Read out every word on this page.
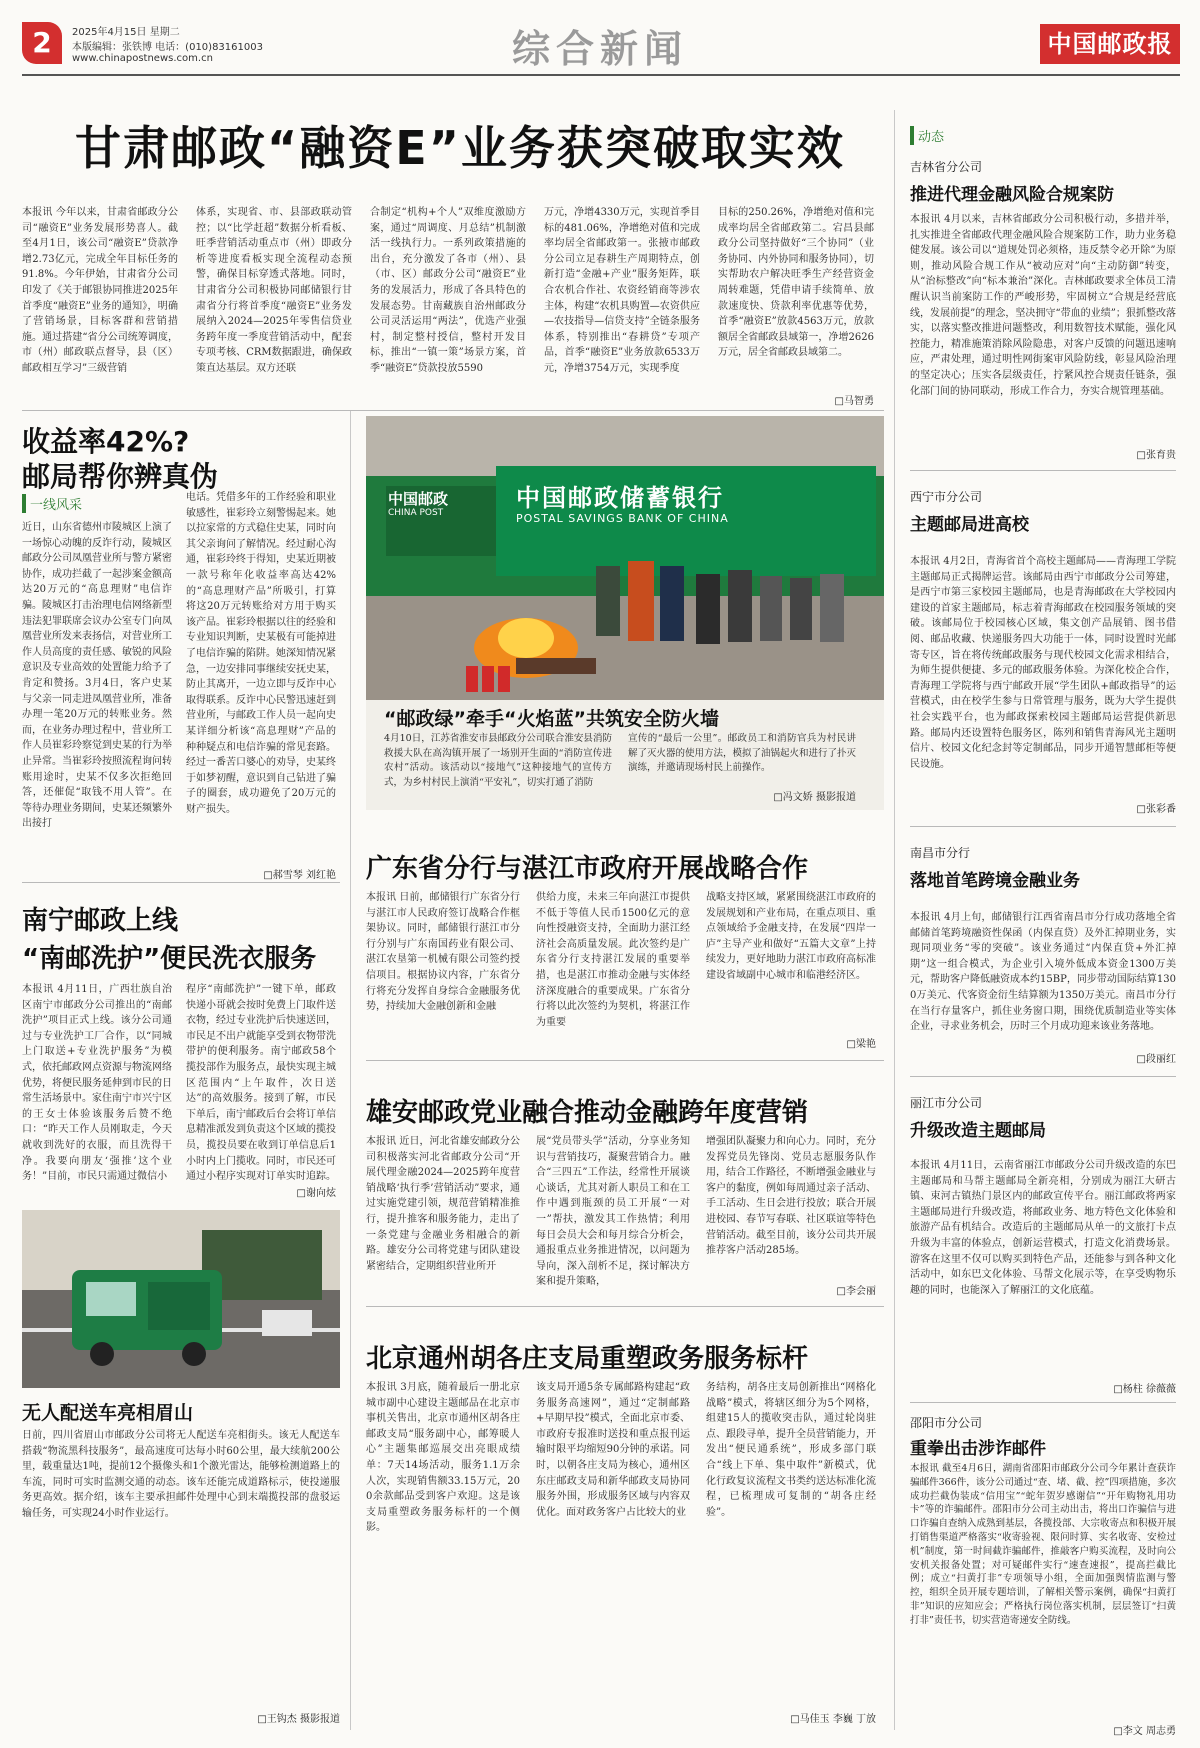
2	2025年4月15日 星期二
本版编辑：张铁博 电话：(010)83161003
www.chinapostnews.com.cn	综合新闻	中国邮政报
甘肃邮政“融资E”业务获突破取实效
本报讯 今年以来，甘肃省邮政分公司“融资E”业务发展形势喜人。截至4月1日，该公司“融资E”贷款净增2.73亿元，完成全年目标任务的91.8%。今年伊始，甘肃省分公司印发了《关于邮银协同推进2025年首季度“融资E”业务的通知》，明确了营销场景，目标客群和营销措施。通过搭建“省分公司统筹调度，市（州）邮政联点督导，县（区）邮政相互学习”三级营销
体系，实现省、市、县部政联动管控；以“比学赶超”数据分析看板、旺季营销活动重点市（州）即政分析等进度看板实现全流程动态预警，确保目标穿透式落地。同时，甘肃省分公司积极协同邮储银行甘肃省分行将首季度“融资E”业务发展纳入2024—2025年零售信贷业务跨年度一季度营销活动中，配套专项考核、CRM数据跟进，确保政策直达基层。双方还联
合制定“机构+个人”双维度激励方案，通过“周调度、月总结”机制激活一线执行力。一系列政策措施的出台，充分激发了各市（州）、县（市、区）邮政分公司“融资E”业务的发展活力，形成了各具特色的发展态势。甘南藏族自治州邮政分公司灵活运用“两法”，优选产业强村，制定整村授信，整村开发目标，推出“一镇一策”场景方案，首季“融资E”贷款投放5590
万元，净增4330万元，实现首季目标的481.06%，净增绝对值和完成率均居全省邮政第一。张掖市邮政分公司立足春耕生产周期特点，创新打造“金融+产业”服务矩阵，联合农机合作社、农资经销商等涉农主体，构建“农机具购置—农资供应—农技指导—信贷支持”全链条服务体系，特别推出“春耕贷”专项产品，首季“融资E”业务放款6533万元，净增3754万元，实现季度
目标的250.26%，净增绝对值和完成率均居全省邮政第二。宕昌县邮政分公司坚持做好“三个协同”（业务协同、内外协同和服务协同），切实帮助农户解决旺季生产经营资金周转难题，凭借申请手续简单、放款速度快、贷款利率优惠等优势，首季“融资E”放款4563万元，放款额居全省邮政县域第一，净增2626万元，居全省邮政县域第二。
□马智勇
收益率42%?
邮局帮你辨真伪
一线风采
近日，山东省德州市陵城区上演了一场惊心动魄的反诈行动，陵城区邮政分公司凤凰营业所与警方紧密协作，成功拦截了一起涉案金额高达20万元的“高息理财”电信诈骗。陵城区打击治理电信网络新型违法犯罪联席会议办公室专门向凤凰营业所发来表扬信，对营业所工作人员高度的责任感、敏锐的风险意识及专业高效的处置能力给予了肯定和赞扬。3月4日，客户史某与父亲一同走进凤凰营业所，准备办理一笔20万元的转账业务。然而，在业务办理过程中，营业所工作人员崔彩玲察觉到史某的行为举止异常。当崔彩玲按照流程询问转账用途时，史某不仅多次拒绝回答，还催促“取钱不用人管”。在等待办理业务期间，史某还频繁外出接打
电话。凭借多年的工作经验和职业敏感性，崔彩玲立刻警惕起来。她以拉家常的方式稳住史某，同时向其父亲询问了解情况。经过耐心沟通，崔彩玲终于得知，史某近期被一款号称年化收益率高达42%的“高息理财产品”所吸引，打算将这20万元转账给对方用于购买该产品。崔彩玲根据以往的经验和专业知识判断，史某极有可能掉进了电信诈骗的陷阱。她深知情况紧急，一边安排同事继续安抚史某，防止其离开，一边立即与反诈中心取得联系。反诈中心民警迅速赶到营业所，与邮政工作人员一起向史某详细分析该“高息理财”产品的种种疑点和电信诈骗的常见套路。经过一番苦口婆心的劝导，史某终于如梦初醒，意识到自己钻进了骗子的圈套，成功避免了20万元的财产损失。
□郝雪琴 刘红艳
中国邮政
CHINA POST
中国邮政储蓄银行
POSTAL SAVINGS BANK OF CHINA
“邮政绿”牵手“火焰蓝”共筑安全防火墙
4月10日，江苏省淮安市县邮政分公司联合淮安县消防救援大队在高沟镇开展了一场别开生面的“消防宣传进农村”活动。该活动以“接地气”这种接地气的宣传方式，为乡村村民上演消“平安礼”，切实打通了消防
宣传的“最后一公里”。邮政员工和消防官兵为村民讲解了灭火器的使用方法，模拟了油锅起火和进行了扑灭演练，并邀请现场村民上前操作。
□冯文娇 摄影报道
广东省分行与湛江市政府开展战略合作
本报讯 日前，邮储银行广东省分行与湛江市人民政府签订战略合作框架协议。同时，邮储银行湛江市分行分别与广东南国药业有限公司、湛江农垦第一机械有限公司签约授信项目。根据协议内容，广东省分行将充分发挥自身综合金融服务优势，持续加大金融创新和金融
供给力度，未来三年向湛江市提供不低于等值人民币1500亿元的意向性授融资支持，全面助力湛江经济社会高质量发展。此次签约是广东省分行支持湛江发展的重要举措，也是湛江市推动金融与实体经济深度融合的重要成果。广东省分行将以此次签约为契机，将湛江作为重要
战略支持区域，紧紧围绕湛江市政府的发展规划和产业布局，在重点项目、重点领域给予金融支持，在发展“四岸一庐”主导产业和做好“五篇大文章”上持续发力，更好地助力湛江市政府高标准建设省域副中心城市和临港经济区。
□梁艳
南宁邮政上线
“南邮洗护”便民洗衣服务
本报讯 4月11日，广西壮族自治区南宁市邮政分公司推出的“南邮洗护”项目正式上线。该分公司通过与专业洗护工厂合作，以“同城上门取送+专业洗护服务”为模式，依托邮政网点资源与物流网络优势，将便民服务延伸到市民的日常生活场景中。家住南宁市兴宁区的王女士体验该服务后赞不绝口：“昨天工作人员刚取走，今天就收到洗好的衣服，而且洗得干净。我要向朋友‘强推’这个业务！”目前，市民只需通过微信小
程序“南邮洗护”一键下单，邮政快递小哥就会按时免费上门取件送衣物，经过专业洗护后快速送回，市民足不出户就能享受到衣物带洗带护的便利服务。南宁邮政58个揽投部作为服务点，最快实现主城区范围内“上午取件，次日送达”的高效服务。接到了解，市民下单后，南宁邮政后台会将订单信息精准派发到负责这个区域的揽投员，揽投员要在收到订单信息后1小时内上门揽收。同时，市民还可通过小程序实现对订单实时追踪。
□谢向炫
无人配送车亮相眉山
日前，四川省眉山市邮政分公司将无人配送车亮相街头。该无人配送车搭载“物流黑科技服务”，最高速度可达每小时60公里，最大续航200公里，载重量达1吨，提前12个摄像头和1个激光雷达，能够检测道路上的车流，同时可实时监测交通的动态。该车还能完成道路标示，使投递服务更高效。据介绍，该车主要承担邮件处理中心到末端揽投部的盘驳运输任务，可实现24小时作业运行。
□王钩杰 摄影报道
雄安邮政党业融合推动金融跨年度营销
本报讯 近日，河北省雄安邮政分公司积极落实河北省邮政分公司“开展代理金融2024—2025跨年度营销战略‘执行季’营销活动”要求，通过实施党建引领，规范营销精准推行，提升推客和服务能力，走出了一条党建与金融业务相融合的新路。雄安分公司将党建与团队建设紧密结合，定期组织营业所开
展“党员带头学”活动，分享业务知识与营销技巧，凝聚营销合力。融合“三四五”工作法，经常性开展谈心谈话，尤其对新人职员工和在工作中遇到瓶颈的员工开展“一对一”帮扶，激发其工作热情；利用每日会员大会和每月综合分析会，通报重点业务推进情况，以问题为导向，深入剖析不足，探讨解决方案和提升策略，
增强团队凝聚力和向心力。同时，充分发挥党员先锋岗、党员志愿服务队作用，结合工作路径，不断增强金融业与客户的黏度，例如每周通过亲子活动、手工活动、生日会进行投放；联合开展进校园、春节写春联、社区联谊等特色营销活动。截至目前，该分公司共开展推荐客户活动285场。
□李会丽
北京通州胡各庄支局重塑政务服务标杆
本报讯 3月底，随着最后一册北京城市副中心建设主题邮品在北京市事机关售出，北京市通州区胡各庄邮政支局“服务副中心，邮筹暖人心”主题集邮巡展交出亮眼成绩单：7天14场活动，服务1.1万余人次，实现销售额33.15万元，200余款邮品受到客户欢迎。这是该支局重塑政务服务标杆的一个侧影。
该支局开通5条专属邮路构建起“政务服务高速网”，通过“定制邮路+早期早投”模式，全面北京市委、市政府专报准时送投和重点报刊运输时限平均缩短90分钟的承诺。同时，以朝各庄支局为核心，通州区东庄邮政支局和新华邮政支局协同服务外围，形成服务区域与内容双优化。面对政务客户占比较大的业
务结构，胡各庄支局创新推出“网格化战略”模式，将辖区细分为5个网格，组建15人的揽收突击队，通过轮岗驻点、跟段寻单，提升全员营销能力，开发出“便民通系统”，形成多部门联合“线上下单、集中取件”新模式，优化行政复议流程文书类约送达标准化流程，已梳理成可复制的“胡各庄经验”。
□马佳玉 李巍 丁放
动态
吉林省分公司
推进代理金融风险合规案防
本报讯 4月以来，吉林省邮政分公司积极行动，多措并举，扎实推进全省邮政代理金融风险合规案防工作，助力业务稳健发展。该公司以“道规处罚必须格，违反禁令必开除”为原则，推动风险合规工作从“被动应对”向“主动防御”转变，从“治标整改”向“标本兼治”深化。吉林邮政要求全体员工清醒认识当前案防工作的严峻形势，牢固树立“合规是经营底线，发展前提”的理念，坚决拥守“带血的业绩”；狠抓整改落实，以落实整改推进问题整改，利用数智技术赋能，强化风控能力，精准施策消除风险隐患，对客户反馈的问题迅速响应，严肃处理，通过明性网街案审风险防线，彰显风险治理的坚定决心；压实各层级责任，拧紧风控合规责任链条，强化部门间的协同联动，形成工作合力，夯实合规管理基础。
□张育贵
西宁市分公司
主题邮局进高校
本报讯 4月2日，青海省首个高校主题邮局——青海理工学院主题邮局正式揭牌运营。该邮局由西宁市邮政分公司筹建，是西宁市第三家校园主题邮局，也是青海邮政在大学校园内建设的首家主题邮局，标志着青海邮政在校园服务领域的突破。该邮局位于校园核心区域，集文创产品展销、图书借阅、邮品收藏、快递服务四大功能于一体，同时设置时光邮寄专区，旨在将传统邮政服务与现代校园文化需求相结合，为师生提供便捷、多元的邮政服务体验。为深化校企合作，青海理工学院将与西宁邮政开展“学生团队+邮政指导”的运营模式，由在校学生参与日常管理与服务，既为大学生提供社会实践平台，也为邮政探索校园主题邮局运营提供新思路。邮局内还设置特色服务区，陈列和销售青海风光主题明信片、校园文化纪念封等定制邮品，同步开通智慧邮柜等便民设施。
□张彩番
南昌市分行
落地首笔跨境金融业务
本报讯 4月上旬，邮储银行江西省南昌市分行成功落地全省邮储首笔跨境融资性保函（内保直贷）及外汇掉期业务，实现同项业务“零的突破”。该业务通过“内保直贷+外汇掉期”这一组合模式，为企业引入境外低成本资金1300万美元，帮助客户降低融资成本约15BP，同步带动国际结算1300万美元、代客资金衍生结算额为1350万美元。南昌市分行在当行存量客户，抓住业务窗口期，围绕优质制造业等实体企业，寻求业务机会，历时三个月成功迎来该业务落地。
□段丽红
丽江市分公司
升级改造主题邮局
本报讯 4月11日，云南省丽江市邮政分公司升级改造的东巴主题邮局和马帮主题邮局全新亮相，分别成为丽江大研古镇、束河古镇热门景区内的邮政宣传平台。丽江邮政将两家主题邮局进行升级改造，将邮政业务、地方特色文化体验和旅游产品有机结合。改造后的主题邮局从单一的文旅打卡点升级为丰富的体验点，创新运营模式，打造文化消费场景。游客在这里不仅可以购买到特色产品，还能参与到各种文化活动中，如东巴文化体验、马帮文化展示等，在享受购物乐趣的同时，也能深入了解丽江的文化底蕴。
□杨柱 徐薇薇
邵阳市分公司
重拳出击涉诈邮件
本报讯 截至4月6日，湖南省邵阳市邮政分公司今年累计查获诈骗邮件366件，该分公司通过“查、堵、截、控”四项措施，多次成功拦截伪装成“信用宝”“蛇年贺岁感谢信”“开年购物礼用功卡”等的诈骗邮件。邵阳市分公司主动出击，将出口诈骗信与进口诈骗自查纳入成熟到基层，各揽投部、大宗收寄点和积极开展打销售渠道严格落实“收寄验视、限问时算、实名收寄、安检过机”制度，第一时间截诈骗邮件，推敲客户购买流程，及时向公安机关报备处置；对可疑邮件实行“速查速报”，提高拦截比例；成立“扫黄打非”专项领导小组，全面加强舆情监测与警控，组织全员开展专题培训，了解相关警示案例，确保“扫黄打非”知识的应知应会；严格执行岗位落实机制，层层签订“扫黄打非”责任书，切实营造寄递安全防线。
□李文 周志勇
